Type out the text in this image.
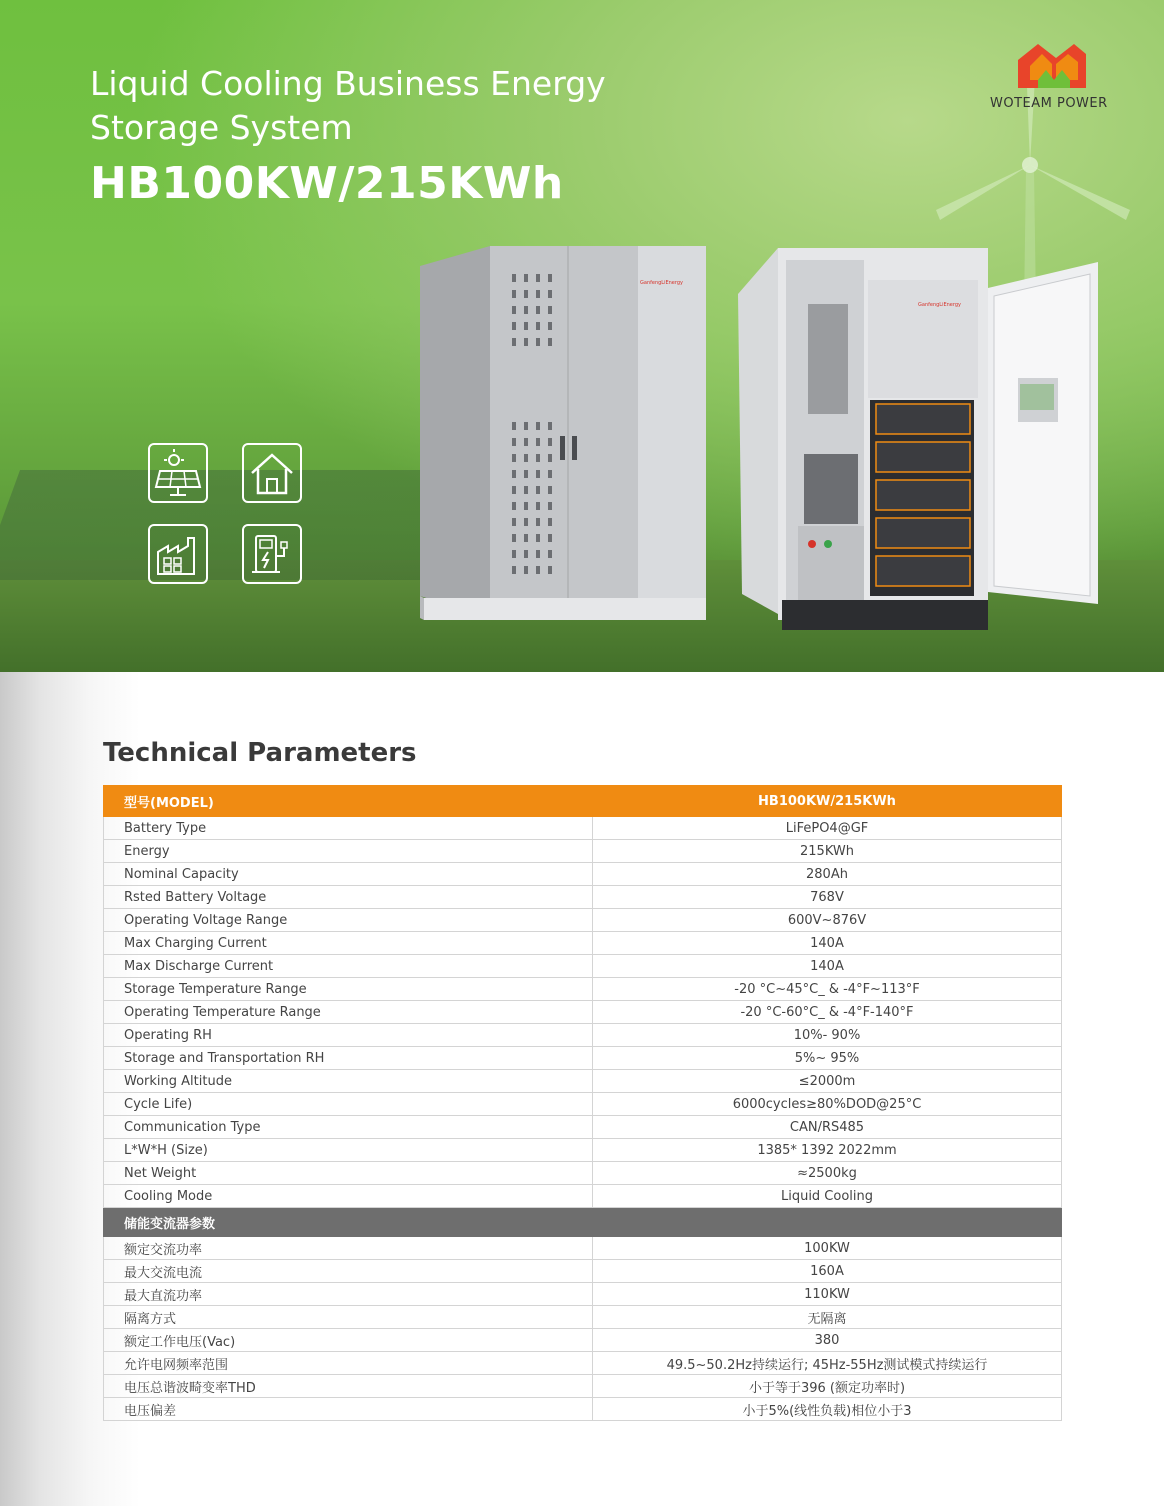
Liquid Cooling Business Energy
Storage System
HB100KW/215KWh
WOTEAM POWER
GanfengLiEnergy
GanfengLiEnergy
Technical Parameters
型号(MODEL)	HB100KW/215KWh
Battery Type	LiFePO4@GF
Energy	215KWh
Nominal Capacity	280Ah
Rsted Battery Voltage	768V
Operating Voltage Range	600V~876V
Max Charging Current	140A
Max Discharge Current	140A
Storage Temperature Range	-20 °C~45°C_ & -4°F~113°F
Operating Temperature Range	-20 °C-60°C_ & -4°F-140°F
Operating RH	10%- 90%
Storage and Transportation RH	5%~ 95%
Working Altitude	≤2000m
Cycle Life)	6000cycles≥80%DOD@25°C
Communication Type	CAN/RS485
L*W*H (Size)	1385* 1392 2022mm
Net Weight	≈2500kg
Cooling Mode	Liquid Cooling
储能变流器参数	
额定交流功率	100KW
最大交流电流	160A
最大直流功率	110KW
隔离方式	无隔离
额定工作电压(Vac)	380
允许电网频率范围	49.5~50.2Hz持续运行; 45Hz-55Hz测试模式持续运行
电压总谐波畸变率THD	小于等于396 (额定功率时)
电压偏差	小于5%(线性负载)相位小于3
